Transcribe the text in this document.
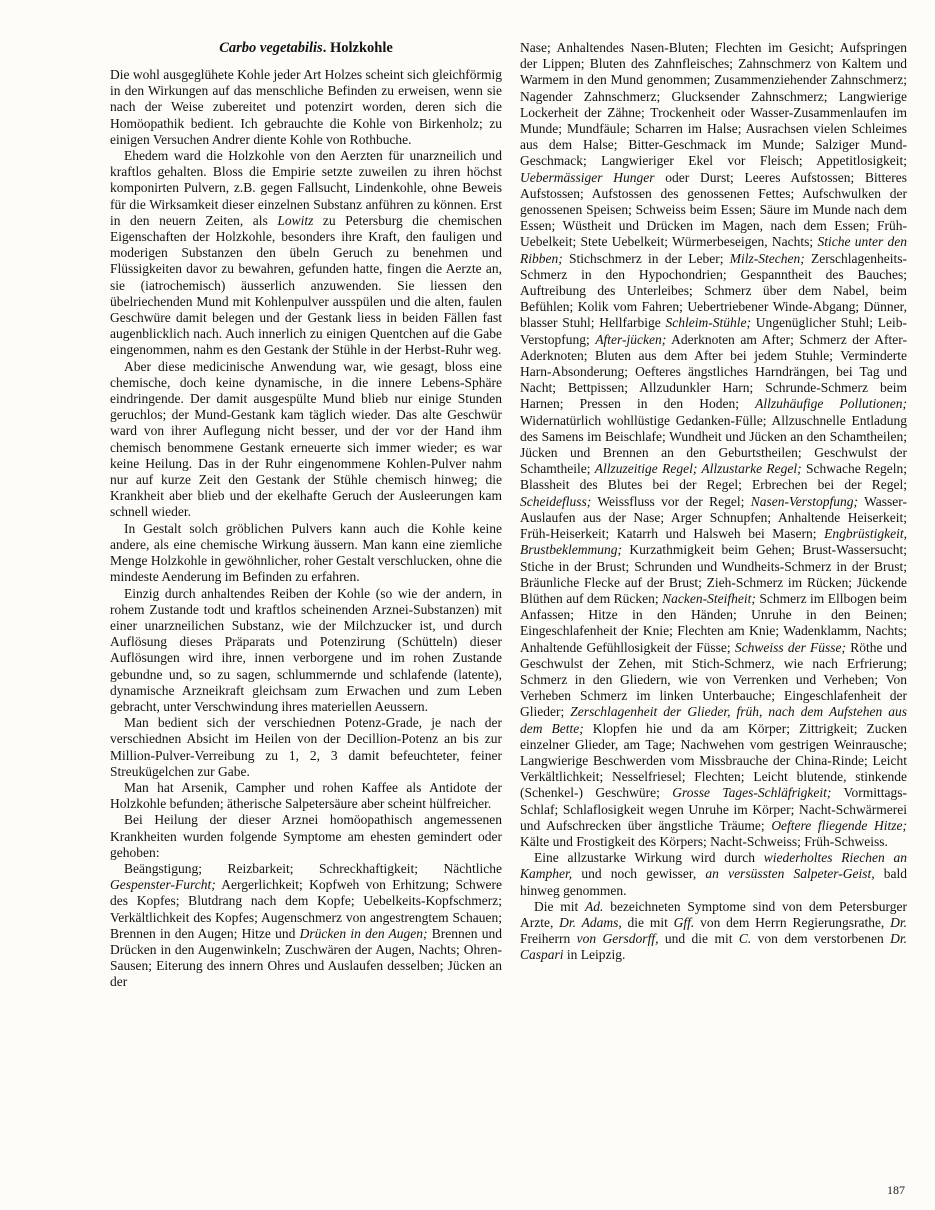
Carbo vegetabilis. Holzkohle

Die wohl ausgeglühete Kohle jeder Art Holzes scheint sich gleichförmig in den Wirkungen auf das menschliche Befinden zu erweisen, wenn sie nach der Weise zubereitet und potenzirt worden, deren sich die Homöopathik bedient. Ich gebrauchte die Kohle von Birkenholz; zu einigen Versuchen Andrer diente Kohle von Rothbuche.

Ehedem ward die Holzkohle von den Aerzten für unarzneilich und kraftlos gehalten. Bloss die Empirie setzte zuweilen zu ihren höchst komponirten Pulvern, z.B. gegen Fallsucht, Lindenkohle, ohne Beweis für die Wirksamkeit dieser einzelnen Substanz anführen zu können. Erst in den neuern Zeiten, als Lowitz zu Petersburg die chemischen Eigenschaften der Holzkohle, besonders ihre Kraft, den fauligen und moderigen Substanzen den übeln Geruch zu benehmen und Flüssigkeiten davor zu bewahren, gefunden hatte, fingen die Aerzte an, sie (iatrochemisch) äusserlich anzuwenden. Sie liessen den übelriechenden Mund mit Kohlenpulver ausspülen und die alten, faulen Geschwüre damit belegen und der Gestank liess in beiden Fällen fast augenblicklich nach. Auch innerlich zu einigen Quentchen auf die Gabe eingenommen, nahm es den Gestank der Stühle in der Herbst-Ruhr weg.

Aber diese medicinische Anwendung war, wie gesagt, bloss eine chemische, doch keine dynamische, in die innere Lebens-Sphäre eindringende. Der damit ausgespülte Mund blieb nur einige Stunden geruchlos; der Mund-Gestank kam täglich wieder. Das alte Geschwür ward von ihrer Auflegung nicht besser, und der vor der Hand ihm chemisch benommene Gestank erneuerte sich immer wieder; es war keine Heilung. Das in der Ruhr eingenommene Kohlen-Pulver nahm nur auf kurze Zeit den Gestank der Stühle chemisch hinweg; die Krankheit aber blieb und der ekelhafte Geruch der Ausleerungen kam schnell wieder.

In Gestalt solch gröblichen Pulvers kann auch die Kohle keine andere, als eine chemische Wirkung äussern. Man kann eine ziemliche Menge Holzkohle in gewöhnlicher, roher Gestalt verschlucken, ohne die mindeste Aenderung im Befinden zu erfahren.

Einzig durch anhaltendes Reiben der Kohle (so wie der andern, in rohem Zustande todt und kraftlos scheinenden Arznei-Substanzen) mit einer unarzneilichen Substanz, wie der Milchzucker ist, und durch Auflösung dieses Präparats und Potenzirung (Schütteln) dieser Auflösungen wird ihre, innen verborgene und im rohen Zustande gebundne und, so zu sagen, schlummernde und schlafende (latente), dynamische Arzneikraft gleichsam zum Erwachen und zum Leben gebracht, unter Verschwindung ihres materiellen Aeussern.

Man bedient sich der verschiednen Potenz-Grade, je nach der verschiednen Absicht im Heilen von der Decillion-Potenz an bis zur Million-Pulver-Verreibung zu 1, 2, 3 damit befeuchteter, feiner Streukügelchen zur Gabe.

Man hat Arsenik, Campher und rohen Kaffee als Antidote der Holzkohle befunden; ätherische Salpetersäure aber scheint hülfreicher.

Bei Heilung der dieser Arznei homöopathisch angemessenen Krankheiten wurden folgende Symptome am ehesten gemindert oder gehoben:

Beängstigung; Reizbarkeit; Schreckhaftigkeit; Nächtliche Gespenster-Furcht; Aergerlichkeit; Kopfweh von Erhitzung; Schwere des Kopfes; Blutdrang nach dem Kopfe; Uebelkeits-Kopfschmerz; Verkältlichkeit des Kopfes; Augenschmerz von angestrengtem Schauen; Brennen in den Augen; Hitze und Drücken in den Augen; Brennen und Drücken in den Augenwinkeln; Zuschwären der Augen, Nachts; Ohren-Sausen; Eiterung des innern Ohres und Auslaufen desselben; Jücken an der

Nase; Anhaltendes Nasen-Bluten; Flechten im Gesicht; Aufspringen der Lippen; Bluten des Zahnfleisches; Zahnschmerz von Kaltem und Warmem in den Mund genommen; Zusammenziehender Zahnschmerz; Nagender Zahnschmerz; Glucksender Zahnschmerz; Langwierige Lockerheit der Zähne; Trockenheit oder Wasser-Zusammenlaufen im Munde; Mundfäule; Scharren im Halse; Ausrachsen vielen Schleimes aus dem Halse; Bitter-Geschmack im Munde; Salziger Mund-Geschmack; Langwieriger Ekel vor Fleisch; Appetitlosigkeit; Uebermässiger Hunger oder Durst; Leeres Aufstossen; Bitteres Aufstossen; Aufstossen des genossenen Fettes; Aufschwulken der genossenen Speisen; Schweiss beim Essen; Säure im Munde nach dem Essen; Wüstheit und Drücken im Magen, nach dem Essen; Früh-Uebelkeit; Stete Uebelkeit; Würmerbeseigen, Nachts; Stiche unter den Ribben; Stichschmerz in der Leber; Milz-Stechen; Zerschlagenheits-Schmerz in den Hypochondrien; Gespanntheit des Bauches; Auftreibung des Unterleibes; Schmerz über dem Nabel, beim Befühlen; Kolik vom Fahren; Uebertriebener Winde-Abgang; Dünner, blasser Stuhl; Hellfarbige Schleim-Stühle; Ungenüglicher Stuhl; Leib-Verstopfung; After-jücken; Aderknoten am After; Schmerz der After-Aderknoten; Bluten aus dem After bei jedem Stuhle; Verminderte Harn-Absonderung; Oefteres ängstliches Harndrängen, bei Tag und Nacht; Bettpissen; Allzudunkler Harn; Schrunde-Schmerz beim Harnen; Pressen in den Hoden; Allzuhäufige Pollutionen; Widernatürlich wohllüstige Gedanken-Fülle; Allzuschnelle Entladung des Samens im Beischlafe; Wundheit und Jücken an den Schamtheilen; Jücken und Brennen an den Geburtstheilen; Geschwulst der Schamtheile; Allzuzeitige Regel; Allzustarke Regel; Schwache Regeln; Blassheit des Blutes bei der Regel; Erbrechen bei der Regel; Scheidefluss; Weissfluss vor der Regel; Nasen-Verstopfung; Wasser-Auslaufen aus der Nase; Arger Schnupfen; Anhaltende Heiserkeit; Früh-Heiserkeit; Katarrh und Halsweh bei Masern; Engbrüstigkeit, Brustbeklemmung; Kurzathmigkeit beim Gehen; Brust-Wassersucht; Stiche in der Brust; Schrunden und Wundheits-Schmerz in der Brust; Bräunliche Flecke auf der Brust; Zieh-Schmerz im Rücken; Jückende Blüthen auf dem Rücken; Nacken-Steifheit; Schmerz im Ellbogen beim Anfassen; Hitze in den Händen; Unruhe in den Beinen; Eingeschlafenheit der Knie; Flechten am Knie; Wadenklamm, Nachts; Anhaltende Gefühllosigkeit der Füsse; Schweiss der Füsse; Röthe und Geschwulst der Zehen, mit Stich-Schmerz, wie nach Erfrierung; Schmerz in den Gliedern, wie von Verrenken und Verheben; Von Verheben Schmerz im linken Unterbauche; Eingeschlafenheit der Glieder; Zerschlagenheit der Glieder, früh, nach dem Aufstehen aus dem Bette; Klopfen hie und da am Körper; Zittrigkeit; Zucken einzelner Glieder, am Tage; Nachwehen vom gestrigen Weinrausche; Langwierige Beschwerden vom Missbrauche der China-Rinde; Leicht Verkältlichkeit; Nesselfriesel; Flechten; Leicht blutende, stinkende (Schenkel-) Geschwüre; Grosse Tages-Schläfrigkeit; Vormittags-Schlaf; Schlaflosigkeit wegen Unruhe im Körper; Nacht-Schwärmerei und Aufschrecken über ängstliche Träume; Oeftere fliegende Hitze; Kälte und Frostigkeit des Körpers; Nacht-Schweiss; Früh-Schweiss.

Eine allzustarke Wirkung wird durch wiederholtes Riechen an Kampher, und noch gewisser, an versüssten Salpeter-Geist, bald hinweg genommen.

Die mit Ad. bezeichneten Symptome sind von dem Petersburger Arzte, Dr. Adams, die mit Gff. von dem Herrn Regierungsrathe, Dr. Freiherrn von Gersdorff, und die mit C. von dem verstorbenen Dr. Caspari in Leipzig.

187
